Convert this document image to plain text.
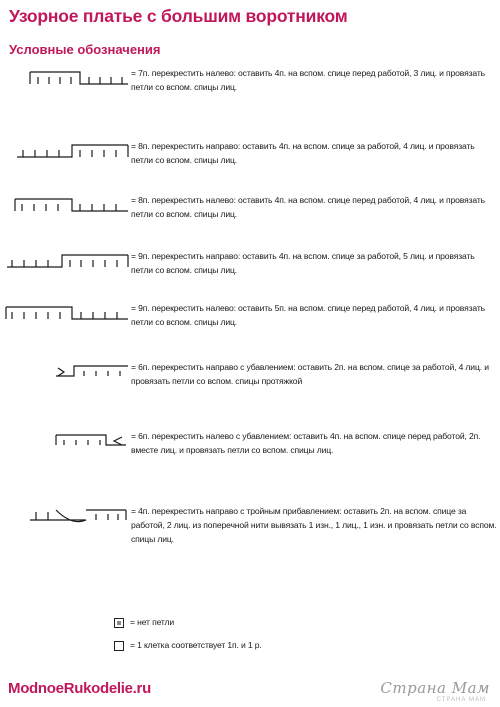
Узорное платье с большим воротником
Условные обозначения
= 7п. перекрестить налево: оставить 4п. на вспом. спице перед работой, 3 лиц. и провязать петли со вспом. спицы лиц.
= 8п. перекрестить направо: оставить 4п. на вспом. спице за работой, 4 лиц. и провязать петли со вспом. спицы лиц.
= 8п. перекрестить налево: оставить 4п. на вспом. спице перед работой, 4 лиц. и провязать петли со вспом. спицы лиц.
= 9п. перекрестить направо: оставить 4п. на вспом. спице за работой, 5 лиц. и провязать петли со вспом. спицы лиц.
= 9п. перекрестить налево: оставить 5п. на вспом. спице перед работой, 4 лиц. и провязать петли со вспом. спицы лиц.
= 6п. перекрестить направо с убавлением: оставить 2п. на вспом. спице за работой, 4 лиц. и провязать петли со вспом. спицы протяжкой
= 6п. перекрестить налево с убавлением: оставить 4п. на вспом. спице перед работой, 2п. вместе лиц. и провязать петли со вспом. спицы лиц.
= 4п. перекрестить направо с тройным прибавлением: оставить 2п. на вспом. спице за работой, 2 лиц. из поперечной нити вывязать 1 изн., 1 лиц., 1 изн. и провязать петли со вспом. спицы лиц.
= нет петли
= 1 клетка соответствует 1п. и 1 р.
ModnoeRukodelie.ru	Страна Мам
СТРАНА МАМ
